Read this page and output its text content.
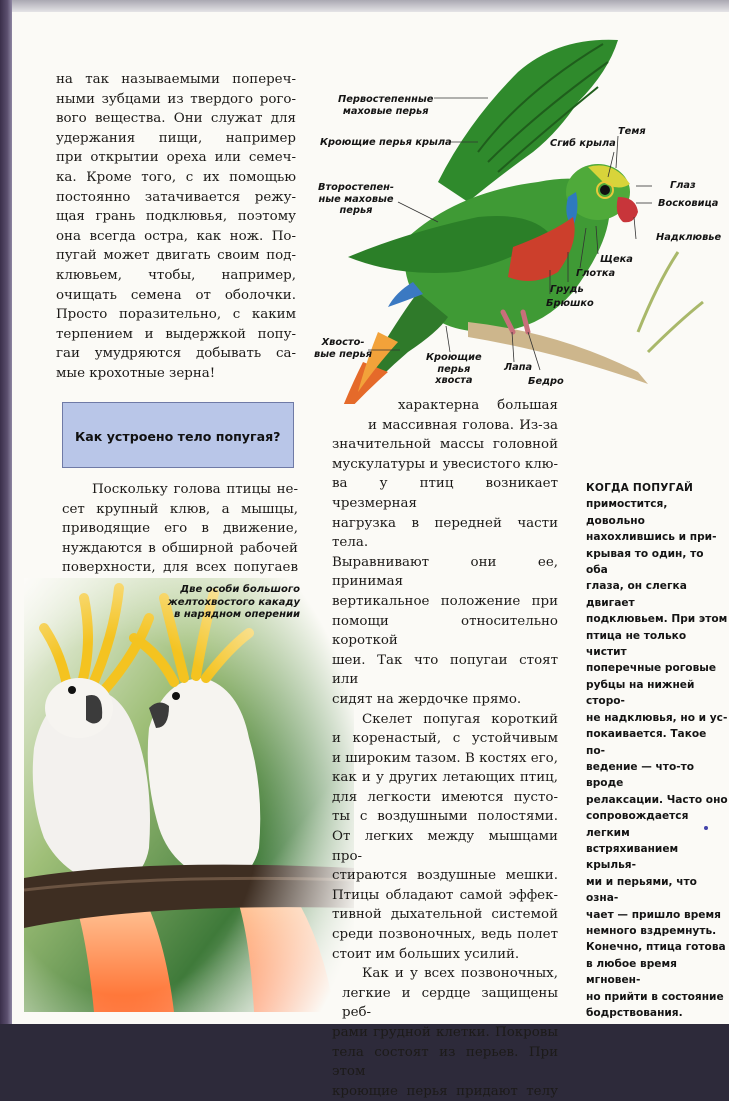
на так называемыми попереч-
ными зубцами из твердого рого-
вого вещества. Они служат для
удержания пищи, например
при открытии ореха или семеч-
ка. Кроме того, с их помощью
постоянно затачивается режу-
щая грань подклювья, поэтому
она всегда остра, как нож. По-
пугай может двигать своим под-
клювьем, чтобы, например,
очищать семена от оболочки.
Просто поразительно, с каким
терпением и выдержкой попу-
гаи умудряются добывать са-
мые крохотные зерна!
Как устроено тело попугая?
Поскольку голова птицы не-
сет крупный клюв, а мышцы,
приводящие его в движение,
нуждаются в обширной рабочей
поверхности, для всех попугаев
Две особи большого
желтохвостого какаду
в нарядном оперении
Первостепенные
маховые перья
Кроющие перья крыла	Сгиб крыла
Темя
Глаз
Восковица
Второстепен-
ные маховые
перья
Надклювье
Щека
Глотка
Грудь
Брюшко
Хвосто-
вые перья	Кроющие
перья
хвоста
Лапа
Бедро
характерна большая
и массивная голова. Из-за
значительной массы головной
мускулатуры и увесистого клю-
ва у птиц возникает чрезмерная
нагрузка в передней части тела.
Выравнивают они ее, принимая
вертикальное положение при
помощи относительно короткой
шеи. Так что попугаи стоят или
сидят на жердочке прямо.
Скелет попугая короткий
и коренастый, с устойчивым
и широким тазом. В костях его,
как и у других летающих птиц,
для легкости имеются пусто-
ты с воздушными полостями.
От легких между мышцами про-
стираются воздушные мешки.
Птицы обладают самой эффек-
тивной дыхательной системой
среди позвоночных, ведь полет
стоит им больших усилий.
Как и у всех позвоночных,
легкие и сердце защищены реб-
рами грудной клетки. Покровы
тела состоят из перьев. При этом
кроющие перья придают телу
КОГДА ПОПУГАЙ
примостится, довольно
нахохлившись и при-
крывая то один, то оба
глаза, он слегка двигает
подклювьем. При этом
птица не только чистит
поперечные роговые
рубцы на нижней сторо-
не надклювья, но и ус-
покаивается. Такое по-
ведение — что-то вроде
релаксации. Часто оно
сопровождается легким
встряхиванием крылья-
ми и перьями, что озна-
чает — пришло время
немного вздремнуть.
Конечно, птица готова
в любое время мгновен-
но прийти в состояние
бодрствования.
